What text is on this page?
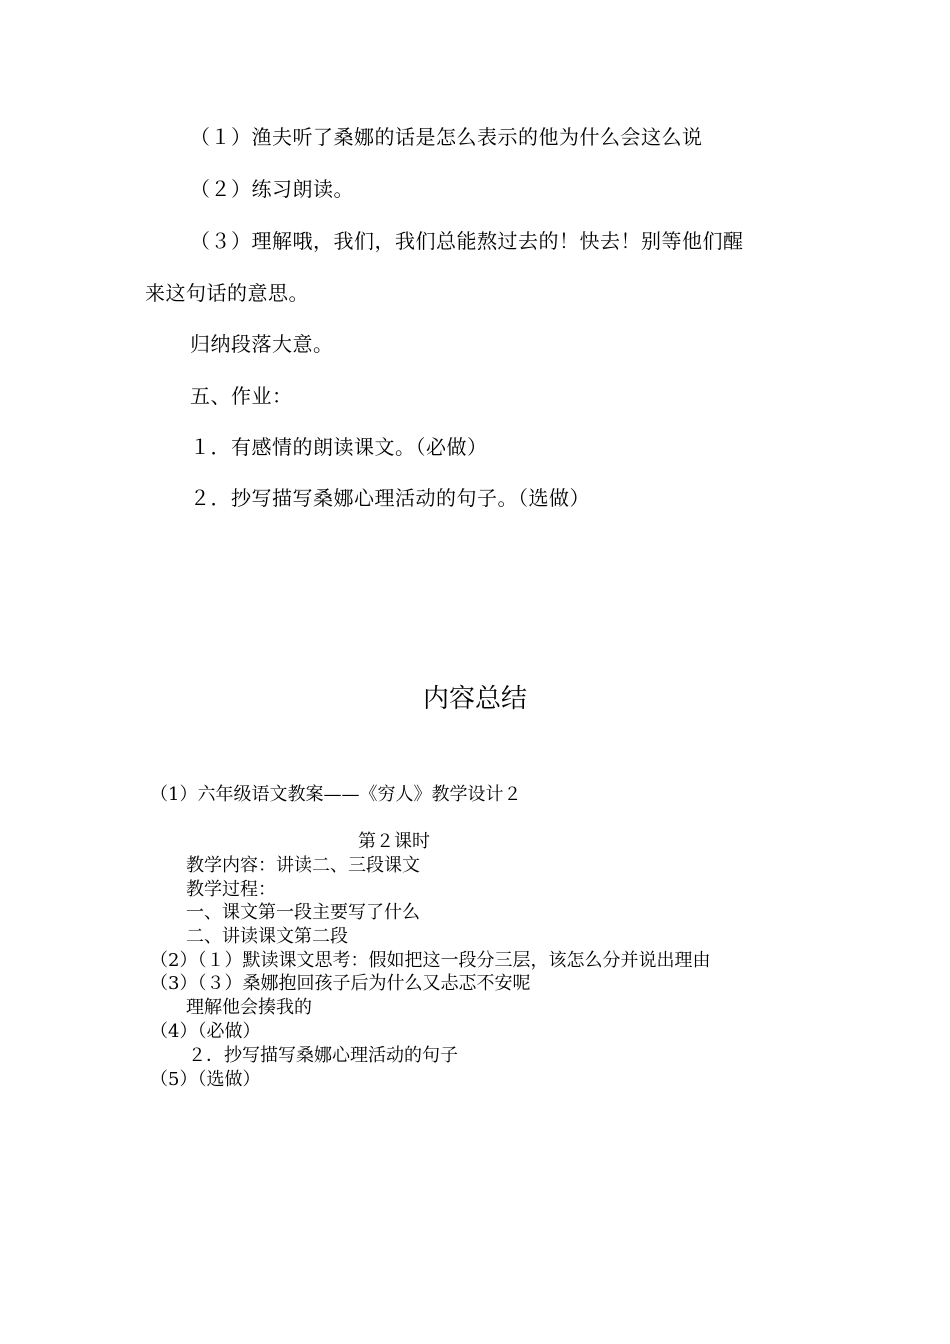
（１）渔夫听了桑娜的话是怎么表示的他为什么会这么说
（２）练习朗读。
（３）理解哦，我们，我们总能熬过去的！快去！别等他们醒
来这句话的意思。
归纳段落大意。
五、作业：
１．有感情的朗读课文。（必做）
２．抄写描写桑娜心理活动的句子。（选做）
内容总结
（1）六年级语文教案——《穷人》教学设计２
第２课时
教学内容：讲读二、三段课文
教学过程：
一、课文第一段主要写了什么
二、讲读课文第二段
（2）（１）默读课文思考：假如把这一段分三层，该怎么分并说出理由
（3）（３）桑娜抱回孩子后为什么又忐忑不安呢
理解他会揍我的
（4）（必做）
２．抄写描写桑娜心理活动的句子
（5）（选做）
